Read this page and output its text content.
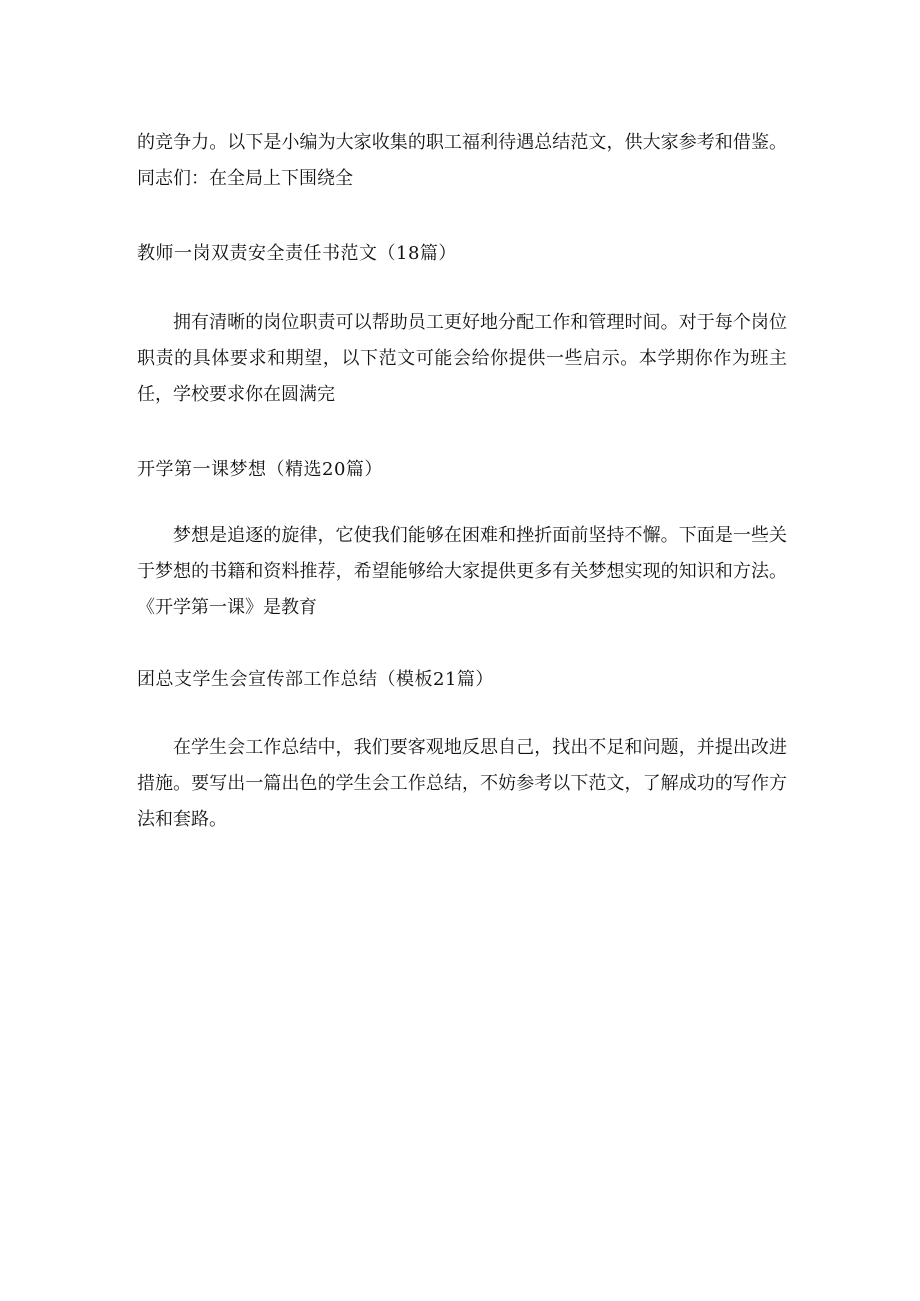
的竞争力。以下是小编为大家收集的职工福利待遇总结范文，供大家参考和借鉴。同志们：在全局上下围绕全

教师一岗双责安全责任书范文（18篇）

拥有清晰的岗位职责可以帮助员工更好地分配工作和管理时间。对于每个岗位职责的具体要求和期望，以下范文可能会给你提供一些启示。本学期你作为班主任，学校要求你在圆满完

开学第一课梦想（精选20篇）

梦想是追逐的旋律，它使我们能够在困难和挫折面前坚持不懈。下面是一些关于梦想的书籍和资料推荐，希望能够给大家提供更多有关梦想实现的知识和方法。《开学第一课》是教育

团总支学生会宣传部工作总结（模板21篇）

在学生会工作总结中，我们要客观地反思自己，找出不足和问题，并提出改进措施。要写出一篇出色的学生会工作总结，不妨参考以下范文，了解成功的写作方法和套路。
